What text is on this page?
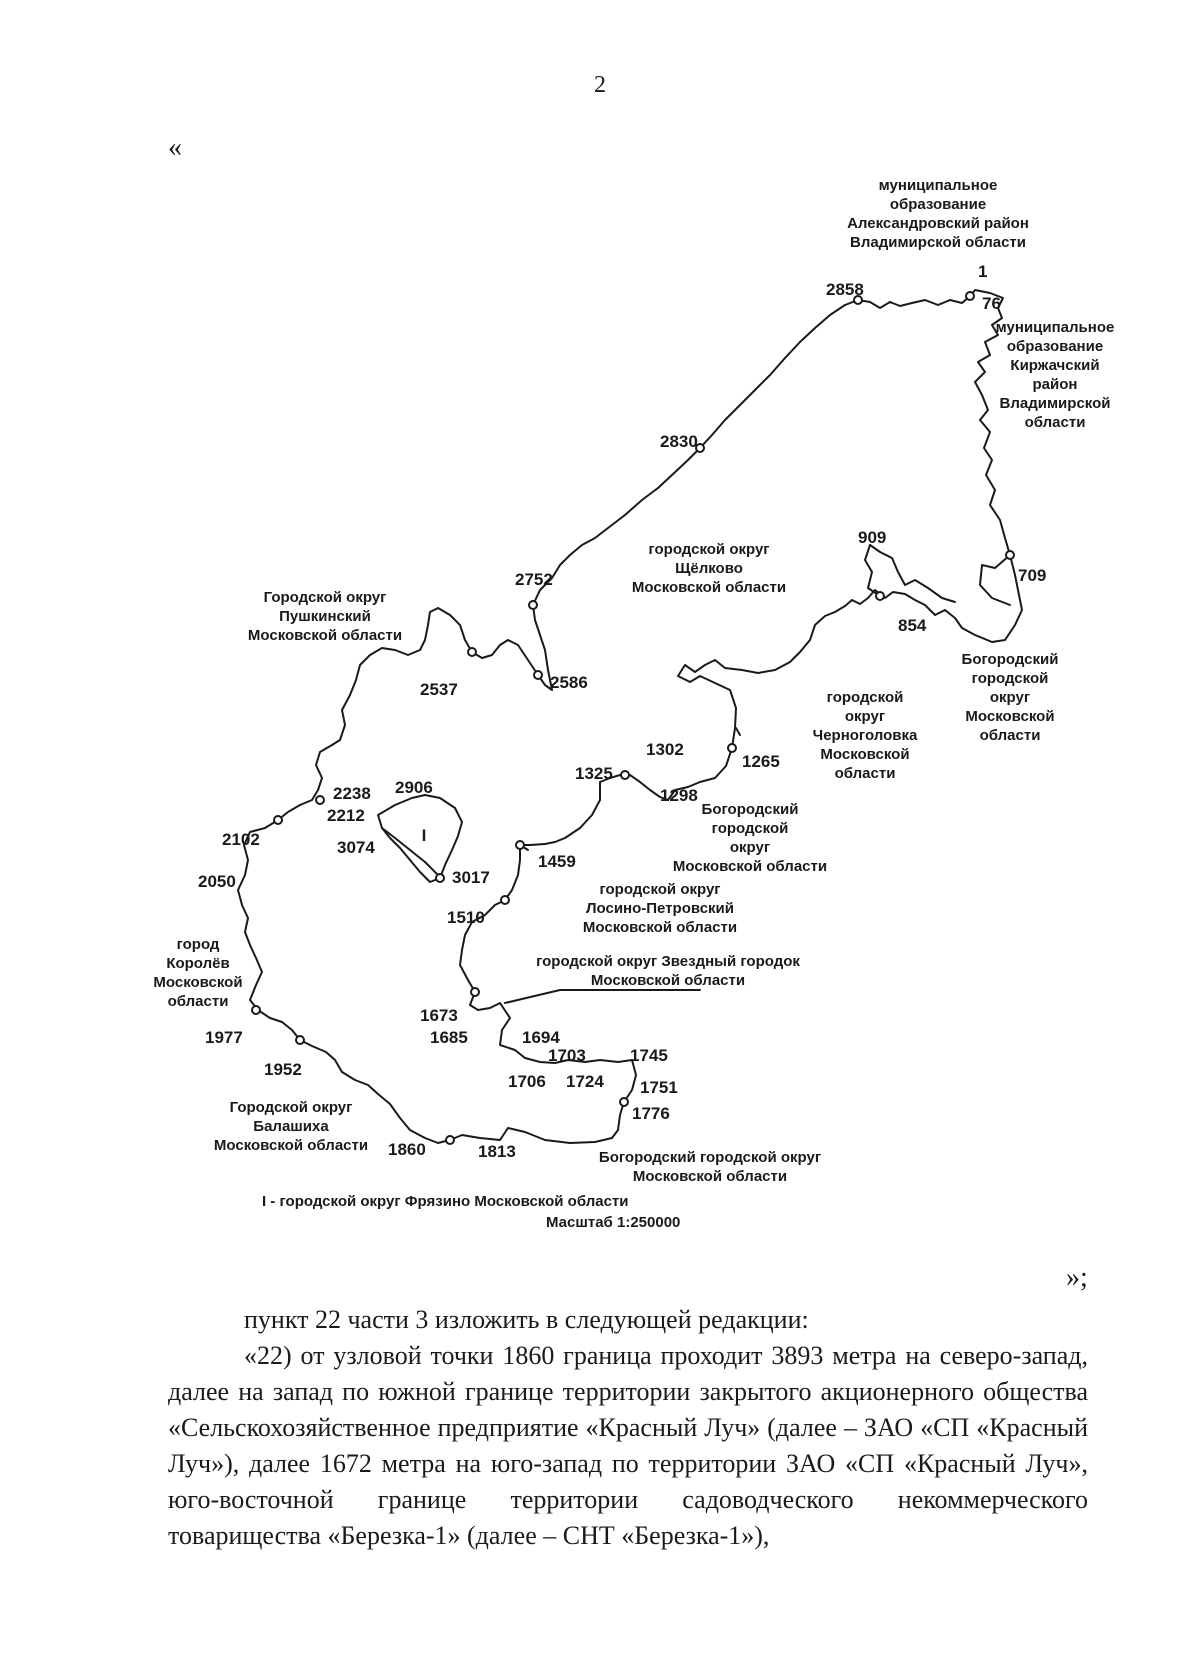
2
«
муниципальное
образование
Александровский район
Владимирской области
муниципальное
образование
Киржачский
район
Владимирской
области
городской округ
Щёлково
Московской области
Городской округ
Пушкинский
Московской области
Богородский
городской
округ
Московской
области
городской
округ
Черноголовка
Московской
области
Богородский
городской
округ
Московской области
городской округ
Лосино-Петровский
Московской области
городской округ Звездный городок
Московской области
город
Королёв
Московской
области
Городской округ
Балашиха
Московской области
Богородский городской округ
Московской области
I
1
76
2858
2830
2752
2586
2537
909
709
854
1265
1302
1325
1298
2238 2906
2212
2102	3074
3017
2050
1459
1510
1673
1685	1694
1703	1745
1706 1724 1751
1776
1977
1952
1860	1813
I - городской округ Фрязино Московской области
Масштаб 1:250000
»;

пункт 22 части 3 изложить в следующей редакции:

«22) от узловой точки 1860 граница проходит 3893 метра на северо-запад, далее на запад по южной границе территории закрытого акционерного общества «Сельскохозяйственное предприятие «Красный Луч» (далее – ЗАО «СП «Красный Луч»), далее 1672 метра на юго-запад по территории ЗАО «СП «Красный Луч», юго-восточной границе территории садоводческого некоммерческого товарищества «Березка-1» (далее – СНТ «Березка-1»),
